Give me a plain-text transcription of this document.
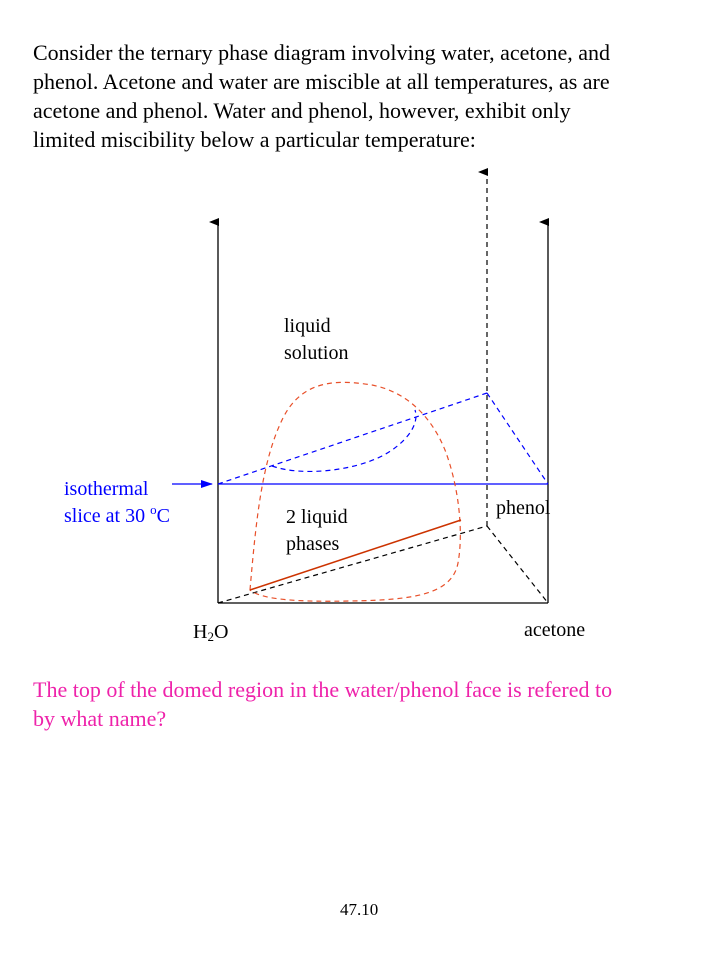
Consider the ternary phase diagram involving water, acetone, and
phenol. Acetone and water are miscible at all temperatures, as are
acetone and phenol. Water and phenol, however, exhibit only
limited miscibility below a particular temperature:
liquid
solution
2 liquid
phases
isothermal
slice at 30 $^o$C	phenol
$H_2O$	acetone
The top of the domed region in the water/phenol face is refered to
by what name?
47.10
